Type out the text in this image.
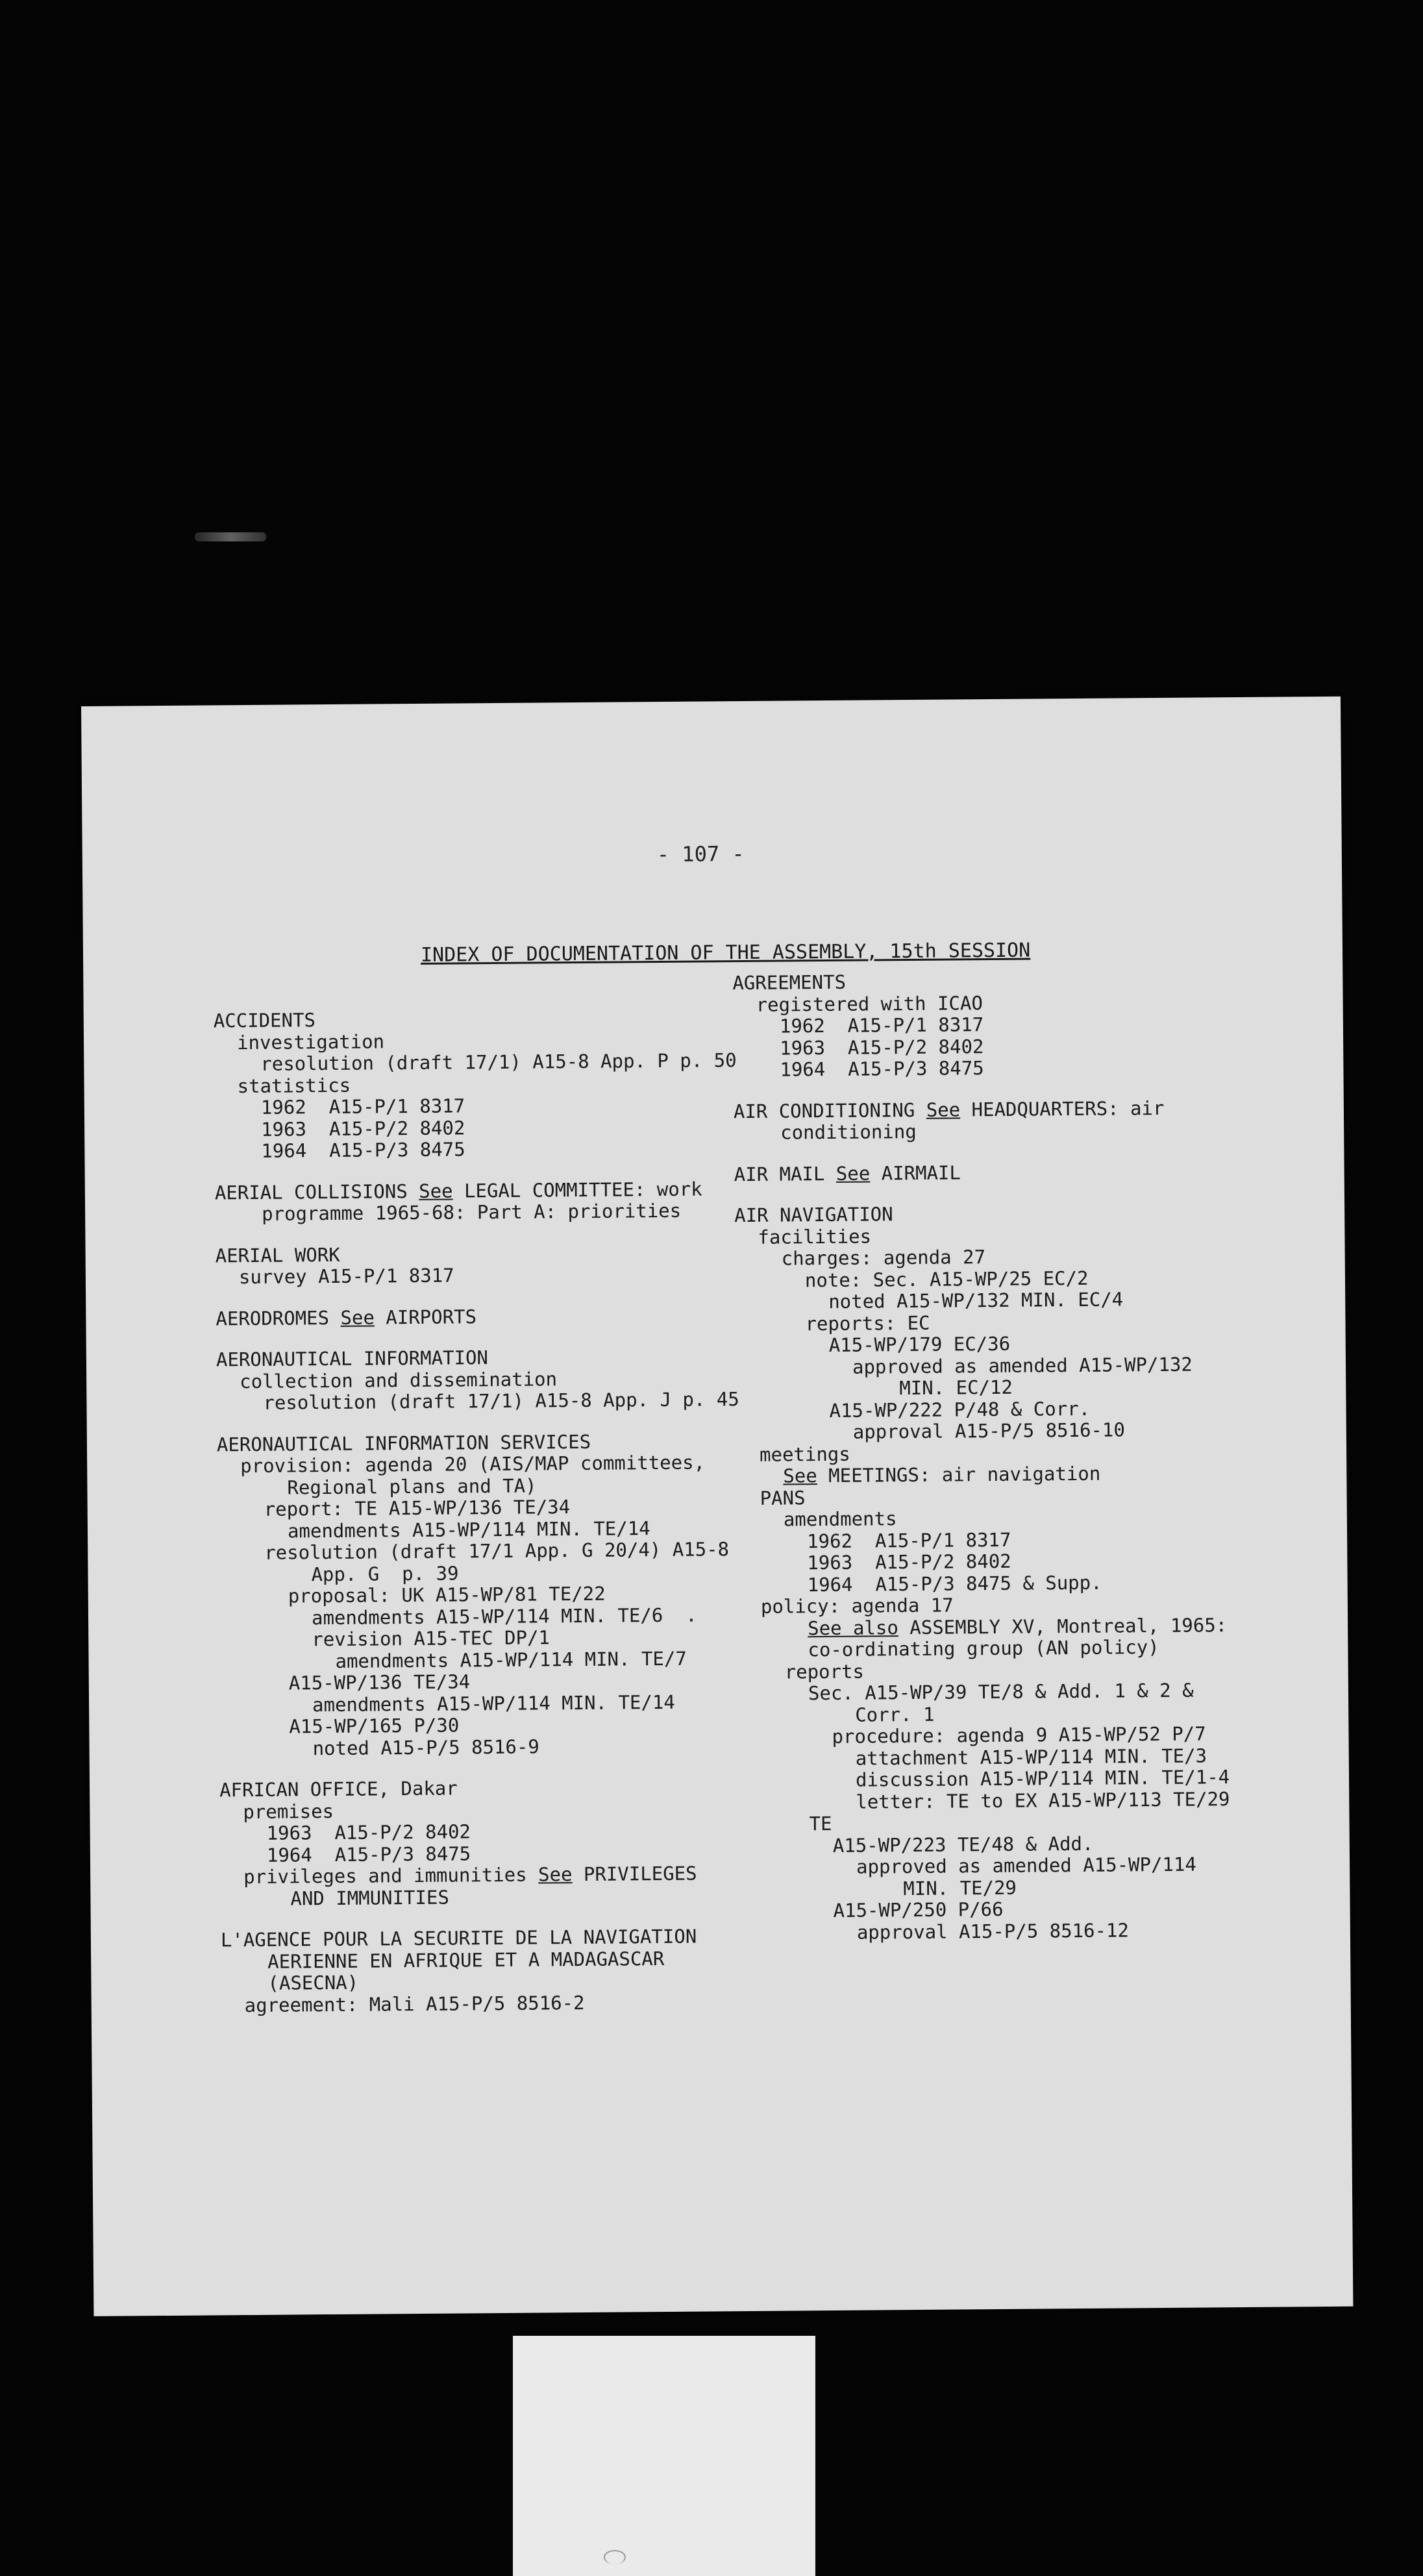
- 107 -
INDEX OF DOCUMENTATION OF THE ASSEMBLY, 15th SESSION
ACCIDENTS
investigation
resolution (draft 17/1) A15-8 App. P p. 50
statistics
1962  A15-P/1 8317
1963  A15-P/2 8402
1964  A15-P/3 8475
AERIAL COLLISIONS See LEGAL COMMITTEE: work
programme 1965-68: Part A: priorities
AERIAL WORK
survey A15-P/1 8317
AERODROMES See AIRPORTS
AERONAUTICAL INFORMATION
collection and dissemination
resolution (draft 17/1) A15-8 App. J p. 45
AERONAUTICAL INFORMATION SERVICES
provision: agenda 20 (AIS/MAP committees,
Regional plans and TA)
report: TE A15-WP/136 TE/34
amendments A15-WP/114 MIN. TE/14
resolution (draft 17/1 App. G 20/4) A15-8
App. G  p. 39
proposal: UK A15-WP/81 TE/22
amendments A15-WP/114 MIN. TE/6  .
revision A15-TEC DP/1
amendments A15-WP/114 MIN. TE/7
A15-WP/136 TE/34
amendments A15-WP/114 MIN. TE/14
A15-WP/165 P/30
noted A15-P/5 8516-9
AFRICAN OFFICE, Dakar
premises
1963  A15-P/2 8402
1964  A15-P/3 8475
privileges and immunities See PRIVILEGES
AND IMMUNITIES
L'AGENCE POUR LA SECURITE DE LA NAVIGATION
AERIENNE EN AFRIQUE ET A MADAGASCAR
(ASECNA)
agreement: Mali A15-P/5 8516-2
AGREEMENTS
registered with ICAO
1962  A15-P/1 8317
1963  A15-P/2 8402
1964  A15-P/3 8475
AIR CONDITIONING See HEADQUARTERS: air
conditioning
AIR MAIL See AIRMAIL
AIR NAVIGATION
facilities
charges: agenda 27
note: Sec. A15-WP/25 EC/2
noted A15-WP/132 MIN. EC/4
reports: EC
A15-WP/179 EC/36
approved as amended A15-WP/132
MIN. EC/12
A15-WP/222 P/48 & Corr.
approval A15-P/5 8516-10
meetings
See MEETINGS: air navigation
PANS
amendments
1962  A15-P/1 8317
1963  A15-P/2 8402
1964  A15-P/3 8475 & Supp.
policy: agenda 17
See also ASSEMBLY XV, Montreal, 1965:
co-ordinating group (AN policy)
reports
Sec. A15-WP/39 TE/8 & Add. 1 & 2 &
Corr. 1
procedure: agenda 9 A15-WP/52 P/7
attachment A15-WP/114 MIN. TE/3
discussion A15-WP/114 MIN. TE/1-4
letter: TE to EX A15-WP/113 TE/29
TE
A15-WP/223 TE/48 & Add.
approved as amended A15-WP/114
MIN. TE/29
A15-WP/250 P/66
approval A15-P/5 8516-12
